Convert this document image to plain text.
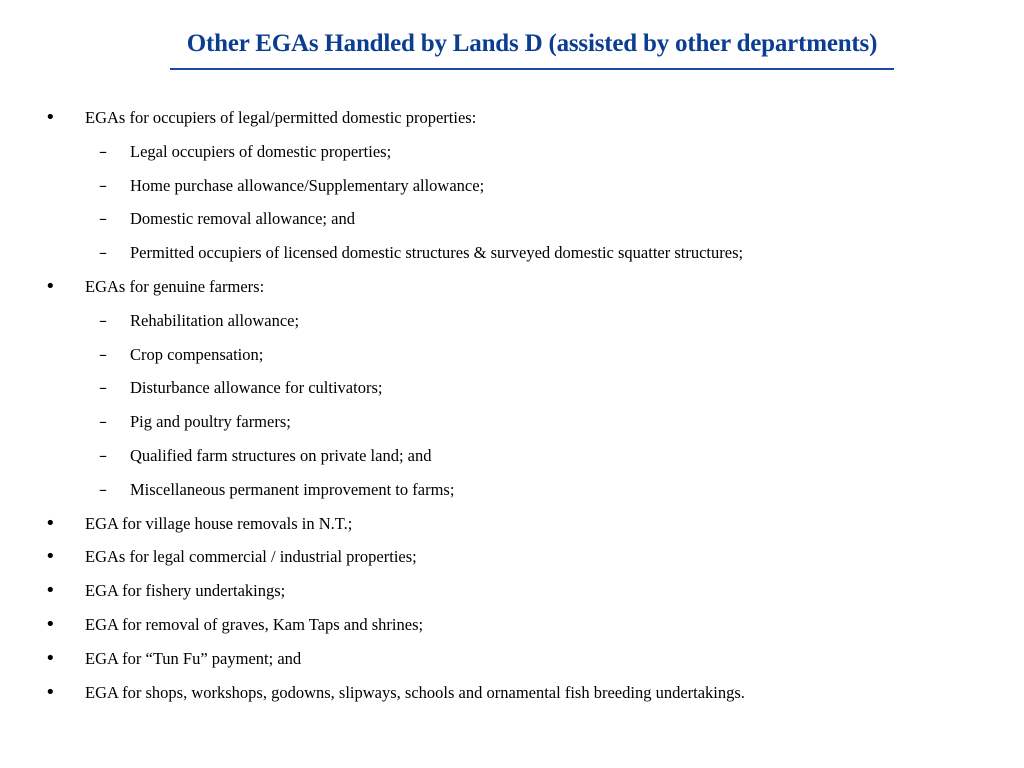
Other EGAs Handled by Lands D (assisted by other departments)
• EGAs for occupiers of legal/permitted domestic properties:
– Legal occupiers of domestic properties;
– Home purchase allowance/Supplementary allowance;
– Domestic removal allowance; and
– Permitted occupiers of licensed domestic structures & surveyed domestic squatter structures;
• EGAs for genuine farmers:
– Rehabilitation allowance;
– Crop compensation;
– Disturbance allowance for cultivators;
– Pig and poultry farmers;
– Qualified farm structures on private land; and
– Miscellaneous permanent improvement to farms;
• EGA for village house removals in N.T.;
• EGAs for legal commercial / industrial properties;
• EGA for fishery undertakings;
• EGA for removal of graves, Kam Taps and shrines;
• EGA for “Tun Fu” payment; and
• EGA for shops, workshops, godowns, slipways, schools and ornamental fish breeding undertakings.
